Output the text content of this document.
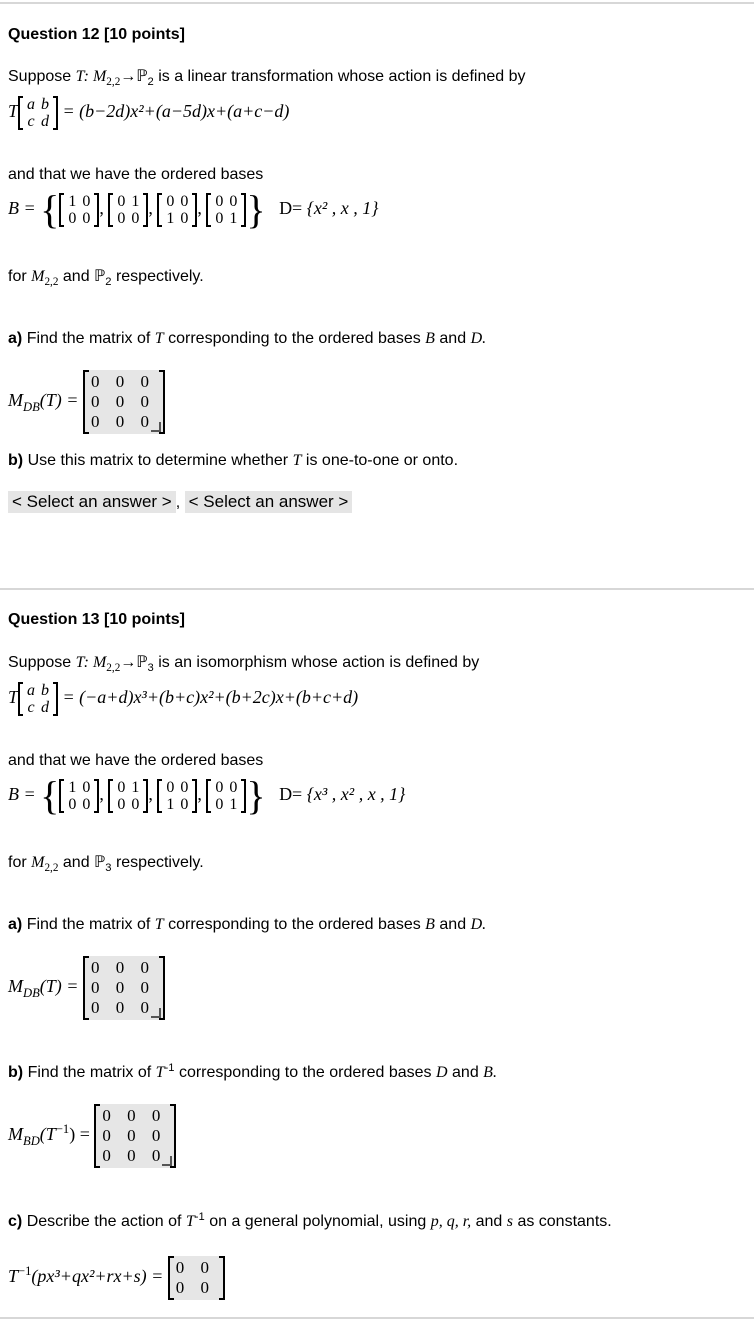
Question 12 [10 points]
Suppose T: $M_{2,2}\to ℙ_2$ is a linear transformation whose action is defined by
T a	b
c	d
= (b−2d)x²+(a−5d)x+(a+c−d)
and that we have the ordered bases
B = { 1	0
0	0
, 0	1
0	0
, 0	0
1	0
, 0	0
0	1 } D= {x² , x , 1}
for $M_{2,2}$ and ℙ$_2$ respectively.
a) Find the matrix of T corresponding to the ordered bases B and D.
$M_{DB}(T)$ =
0 0 0
0 0 0
0 0 0
b) Use this matrix to determine whether T is one-to-one or onto.
< Select an answer > , < Select an answer >
Question 13 [10 points]
Suppose T: $M_{2,2}\to ℙ_3$ is an isomorphism whose action is defined by
T a	b
c	d
= (−a+d)x³+(b+c)x²+(b+2c)x+(b+c+d)
and that we have the ordered bases
B = { 1	0
0	0
, 0	1
0	0
, 0	0
1	0
, 0	0
0	1 } D= {x³ , x² , x , 1}
for $M_{2,2}$ and ℙ$_3$ respectively.
a) Find the matrix of T corresponding to the ordered bases B and D.
$M_{DB}(T)$ =
0 0 0
0 0 0
0 0 0
b) Find the matrix of $T^{-1}$ corresponding to the ordered bases D and B.
$M_{BD}(T^{-1})$ =
0 0 0
0 0 0
0 0 0
c) Describe the action of $T^{-1}$ on a general polynomial, using p, q, r, and s as constants.
$T^{-1}(px^3+qx^2+rx+s) = 0$ 0
0 0
